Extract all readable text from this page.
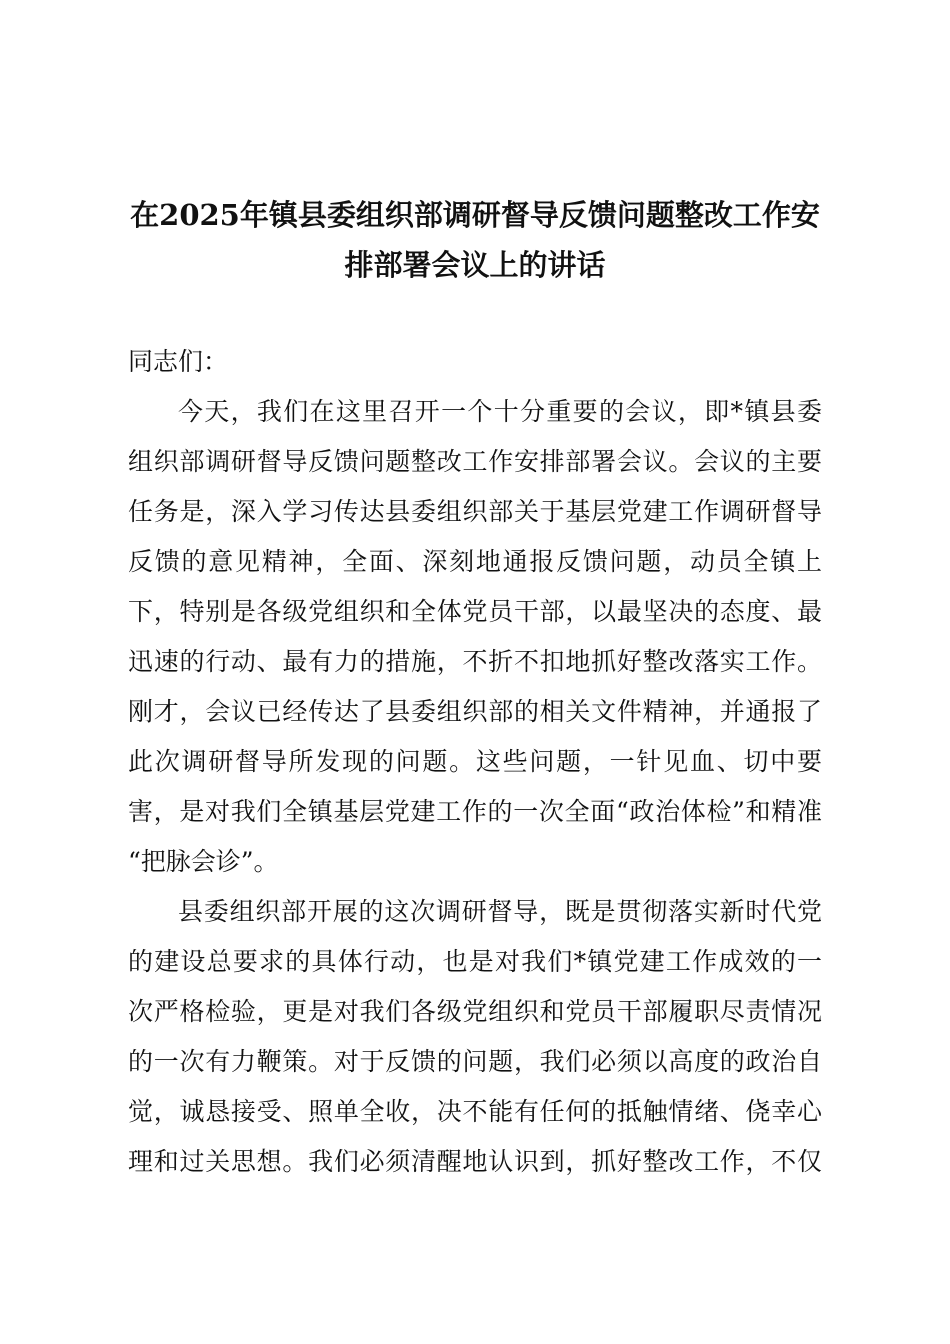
在2025年镇县委组织部调研督导反馈问题整改工作安
排部署会议上的讲话
同志们：
今天，我们在这里召开一个十分重要的会议，即*镇县委
组织部调研督导反馈问题整改工作安排部署会议。会议的主要
任务是，深入学习传达县委组织部关于基层党建工作调研督导
反馈的意见精神，全面、深刻地通报反馈问题，动员全镇上
下，特别是各级党组织和全体党员干部，以最坚决的态度、最
迅速的行动、最有力的措施，不折不扣地抓好整改落实工作。
刚才，会议已经传达了县委组织部的相关文件精神，并通报了
此次调研督导所发现的问题。这些问题，一针见血、切中要
害，是对我们全镇基层党建工作的一次全面“政治体检”和精准
“把脉会诊”。
县委组织部开展的这次调研督导，既是贯彻落实新时代党
的建设总要求的具体行动，也是对我们*镇党建工作成效的一
次严格检验，更是对我们各级党组织和党员干部履职尽责情况
的一次有力鞭策。对于反馈的问题，我们必须以高度的政治自
觉，诚恳接受、照单全收，决不能有任何的抵触情绪、侥幸心
理和过关思想。我们必须清醒地认识到，抓好整改工作，不仅
